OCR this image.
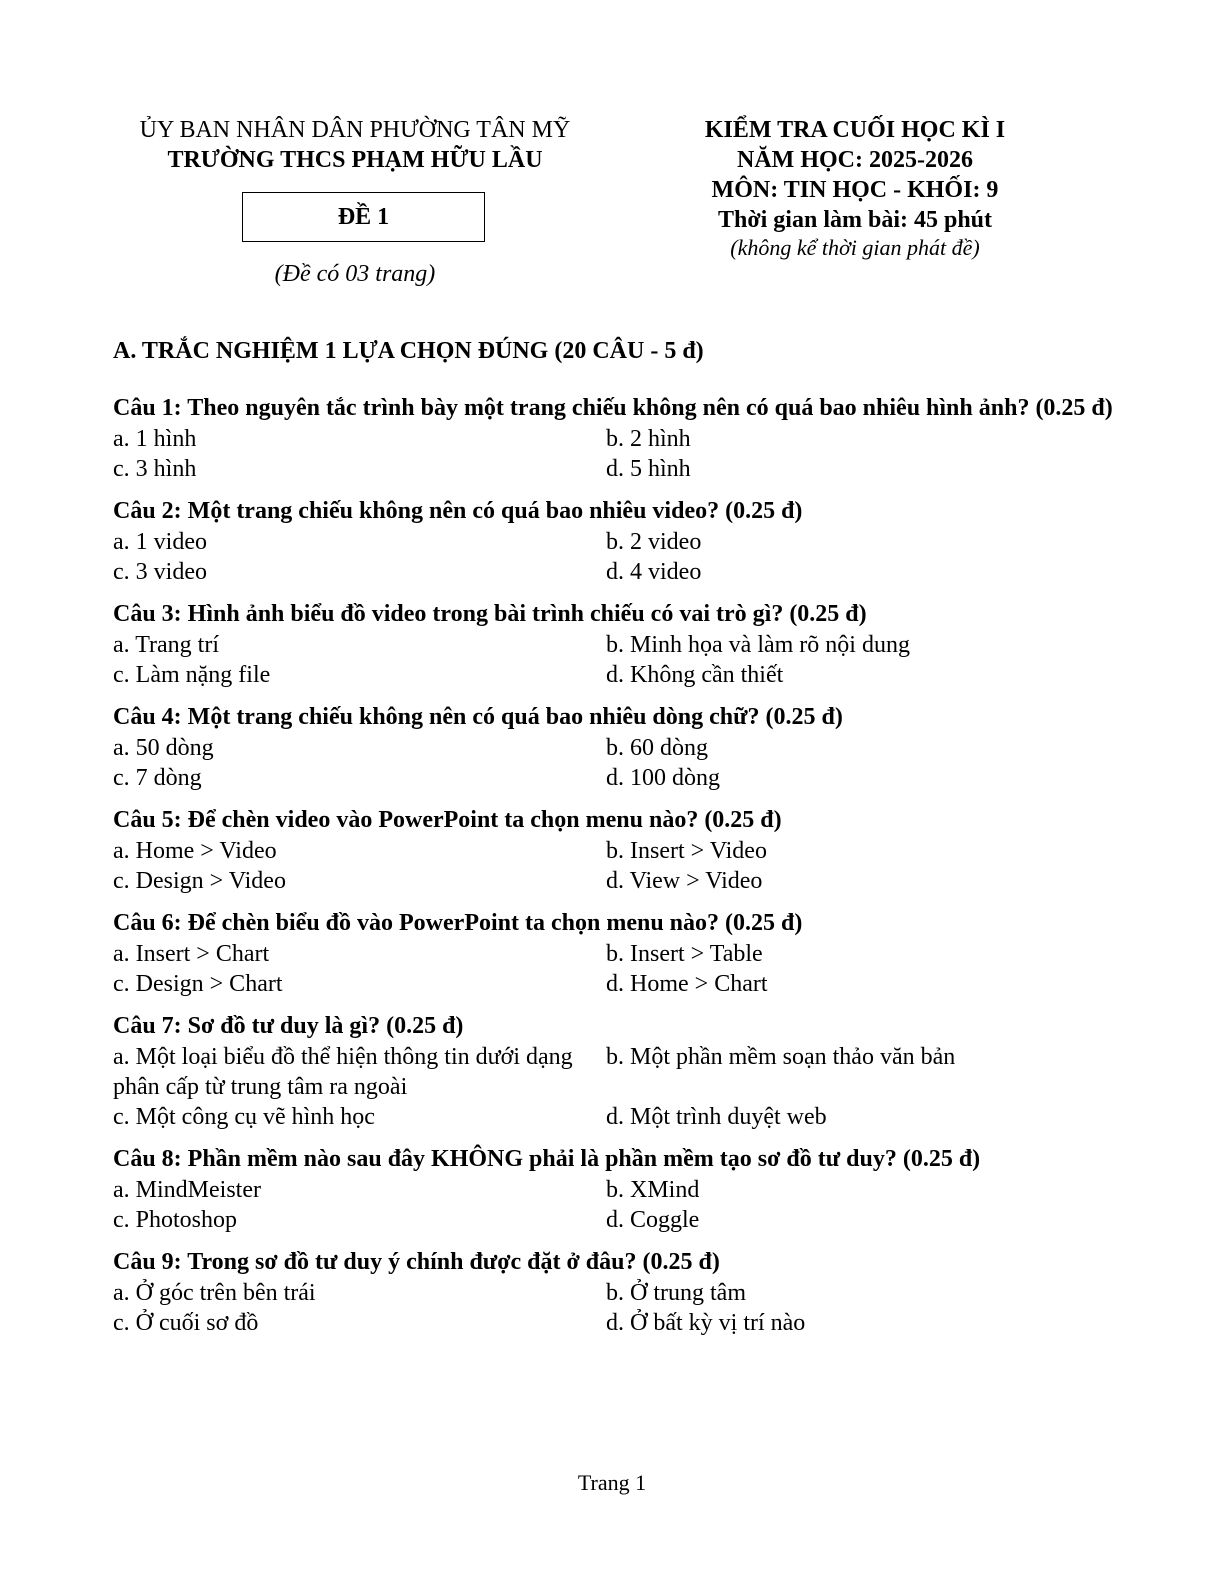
ỦY BAN NHÂN DÂN PHƯỜNG TÂN MỸ
TRƯỜNG THCS PHẠM HỮU LẦU
ĐỀ 1
(Đề có 03 trang)
KIỂM TRA CUỐI HỌC KÌ I
NĂM HỌC: 2025-2026
MÔN: TIN HỌC - KHỐI: 9
Thời gian làm bài: 45 phút
(không kể thời gian phát đề)
A. TRẮC NGHIỆM 1 LỰA CHỌN ĐÚNG (20 CÂU - 5 đ)
Câu 1: Theo nguyên tắc trình bày một trang chiếu không nên có quá bao nhiêu hình ảnh? (0.25 đ)
a. 1 hình	b. 2 hình
c. 3 hình	d. 5 hình
Câu 2: Một trang chiếu không nên có quá bao nhiêu video? (0.25 đ)
a. 1 video	b. 2 video
c. 3 video	d. 4 video
Câu 3: Hình ảnh biểu đồ video trong bài trình chiếu có vai trò gì? (0.25 đ)
a. Trang trí	b. Minh họa và làm rõ nội dung
c. Làm nặng file	d. Không cần thiết
Câu 4: Một trang chiếu không nên có quá bao nhiêu dòng chữ? (0.25 đ)
a. 50 dòng	b. 60 dòng
c. 7 dòng	d. 100 dòng
Câu 5: Để chèn video vào PowerPoint ta chọn menu nào? (0.25 đ)
a. Home > Video	b. Insert > Video
c. Design > Video	d. View > Video
Câu 6: Để chèn biểu đồ vào PowerPoint ta chọn menu nào? (0.25 đ)
a. Insert > Chart	b. Insert > Table
c. Design > Chart	d. Home > Chart
Câu 7: Sơ đồ tư duy là gì? (0.25 đ)
a. Một loại biểu đồ thể hiện thông tin dưới dạng phân cấp từ trung tâm ra ngoài
b. Một phần mềm soạn thảo văn bản
c. Một công cụ vẽ hình học	d. Một trình duyệt web
Câu 8: Phần mềm nào sau đây KHÔNG phải là phần mềm tạo sơ đồ tư duy? (0.25 đ)
a. MindMeister	b. XMind
c. Photoshop	d. Coggle
Câu 9: Trong sơ đồ tư duy ý chính được đặt ở đâu? (0.25 đ)
a. Ở góc trên bên trái	b. Ở trung tâm
c. Ở cuối sơ đồ	d. Ở bất kỳ vị trí nào
Trang 1
